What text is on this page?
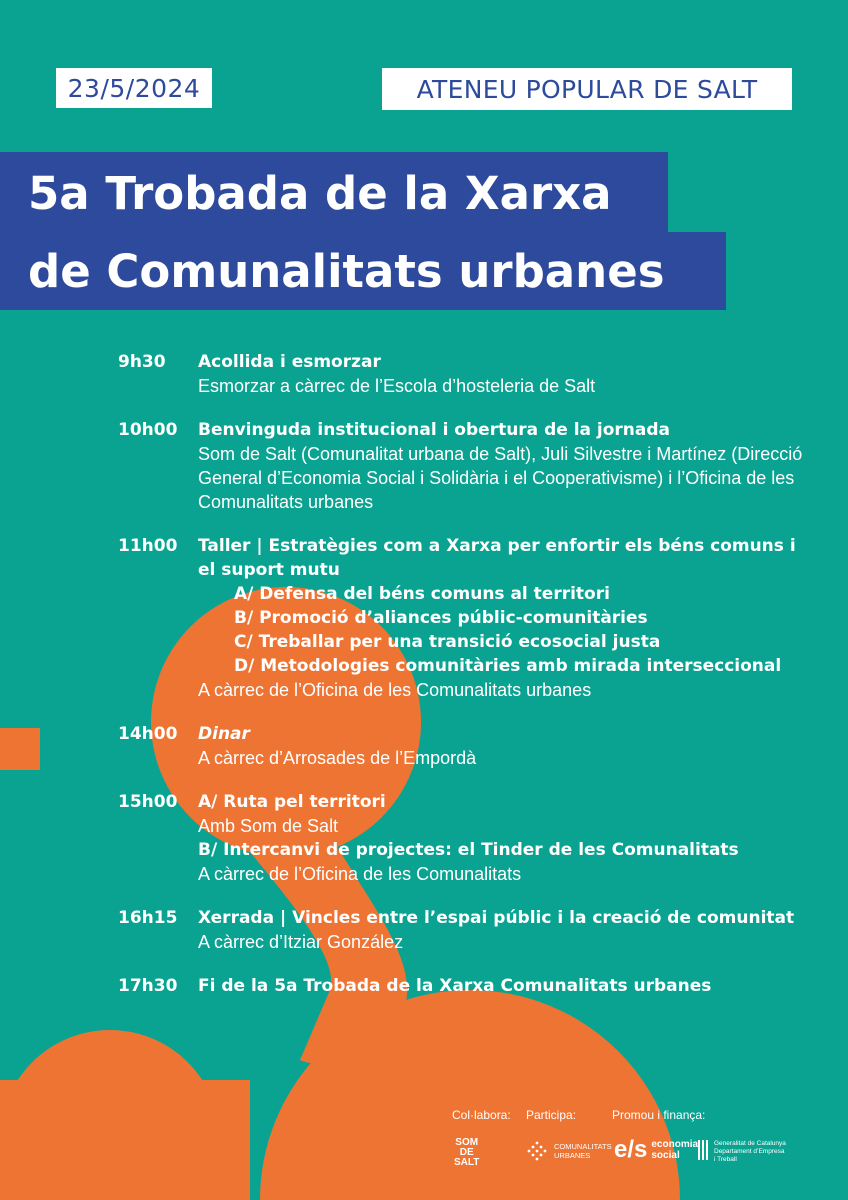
23/5/2024	ATENEU POPULAR DE SALT
5a Trobada de la Xarxa
de Comunalitats urbanes
9h30	Acollida i esmorzar
Esmorzar a càrrec de l’Escola d’hosteleria de Salt
10h00	Benvinguda institucional i obertura de la jornada
Som de Salt (Comunalitat urbana de Salt), Juli Silvestre i Martínez (Direcció General d’Economia Social i Solidària i el Cooperativisme) i l’Oficina de les Comunalitats urbanes
11h00	Taller | Estratègies com a Xarxa per enfortir els béns comuns i el suport mutu
A/ Defensa del béns comuns al territori
B/ Promoció d’aliances públic-comunitàries
C/ Treballar per una transició ecosocial justa
D/ Metodologies comunitàries amb mirada interseccional
A càrrec de l’Oficina de les Comunalitats urbanes
14h00	Dinar
A càrrec d’Arrosades de l’Empordà
15h00	A/ Ruta pel territori
Amb Som de Salt
B/ Intercanvi de projectes: el Tinder de les Comunalitats
A càrrec de l’Oficina de les Comunalitats
16h15	Xerrada | Vincles entre l’espai públic i la creació de comunitat
A càrrec d’Itziar González
17h30	Fi de la 5a Trobada de la Xarxa Comunalitats urbanes
Col·labora: Participa:	Promou i finança:
SOM
DE
SALT
COMUNALITATS
URBANES e/s economia
social
Generalitat de Catalunya
Departament d’Empresa
i Treball
